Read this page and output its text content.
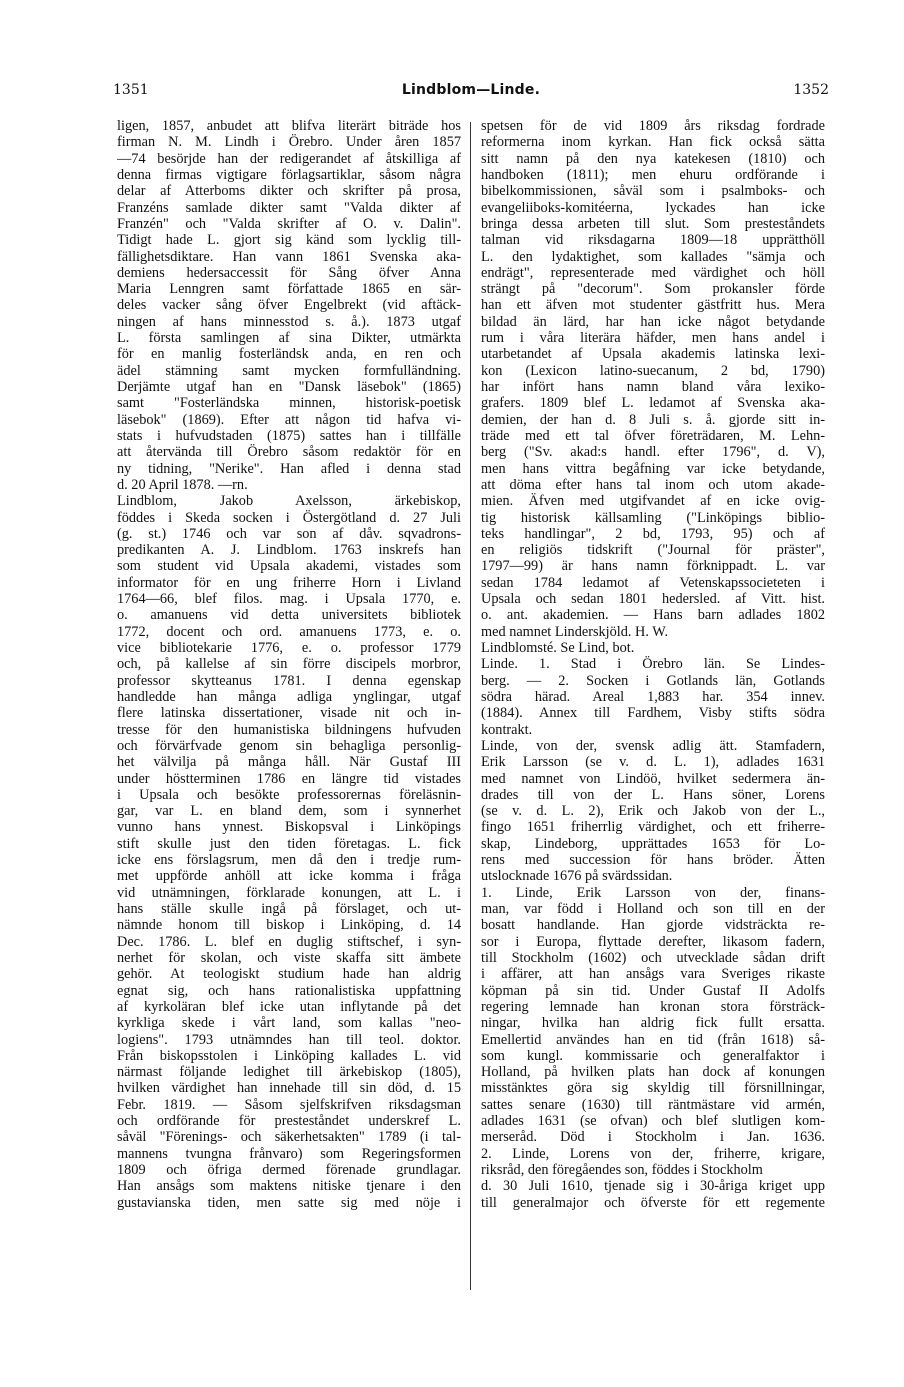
1351	Lindblom—Linde.	1352
ligen, 1857, anbudet att blifva literärt biträde hos
firman N. M. Lindh i Örebro. Under åren 1857
—74 besörjde han der redigerandet af åtskilliga af
denna firmas vigtigare förlagsartiklar, såsom några
delar af Atterboms dikter och skrifter på prosa,
Franzéns samlade dikter samt "Valda dikter af
Franzén" och "Valda skrifter af O. v. Dalin".
Tidigt hade L. gjort sig känd som lycklig till-
fällighetsdiktare. Han vann 1861 Svenska aka-
demiens hedersaccessit för Sång öfver Anna
Maria Lenngren samt författade 1865 en sär-
deles vacker sång öfver Engelbrekt (vid aftäck-
ningen af hans minnesstod s. å.). 1873 utgaf
L. första samlingen af sina Dikter, utmärkta
för en manlig fosterländsk anda, en ren och
ädel stämning samt mycken formfulländning.
Derjämte utgaf han en "Dansk läsebok" (1865)
samt "Fosterländska minnen, historisk-poetisk
läsebok" (1869). Efter att någon tid hafva vi-
stats i hufvudstaden (1875) sattes han i tillfälle
att återvända till Örebro såsom redaktör för en
ny tidning, "Nerike". Han afled i denna stad
d. 20 April 1878. —rn.
Lindblom, Jakob Axelsson, ärkebiskop,
föddes i Skeda socken i Östergötland d. 27 Juli
(g. st.) 1746 och var son af dåv. sqvadrons-
predikanten A. J. Lindblom. 1763 inskrefs han
som student vid Upsala akademi, vistades som
informator för en ung friherre Horn i Livland
1764—66, blef filos. mag. i Upsala 1770, e.
o. amanuens vid detta universitets bibliotek
1772, docent och ord. amanuens 1773, e. o.
vice bibliotekarie 1776, e. o. professor 1779
och, på kallelse af sin förre discipels morbror,
professor skytteanus 1781. I denna egenskap
handledde han många adliga ynglingar, utgaf
flere latinska dissertationer, visade nit och in-
tresse för den humanistiska bildningens hufvuden
och förvärfvade genom sin behagliga personlig-
het välvilja på många håll. När Gustaf III
under höstterminen 1786 en längre tid vistades
i Upsala och besökte professorernas föreläsnin-
gar, var L. en bland dem, som i synnerhet
vunno hans ynnest. Biskopsval i Linköpings
stift skulle just den tiden företagas. L. fick
icke ens förslagsrum, men då den i tredje rum-
met uppförde anhöll att icke komma i fråga
vid utnämningen, förklarade konungen, att L. i
hans ställe skulle ingå på förslaget, och ut-
nämnde honom till biskop i Linköping, d. 14
Dec. 1786. L. blef en duglig stiftschef, i syn-
nerhet för skolan, och viste skaffa sitt ämbete
gehör. At teologiskt studium hade han aldrig
egnat sig, och hans rationalistiska uppfattning
af kyrkoläran blef icke utan inflytande på det
kyrkliga skede i vårt land, som kallas "neo-
logiens". 1793 utnämndes han till teol. doktor.
Från biskopsstolen i Linköping kallades L. vid
närmast följande ledighet till ärkebiskop (1805),
hvilken värdighet han innehade till sin död, d. 15
Febr. 1819. — Såsom sjelfskrifven riksdagsman
och ordförande för presteståndet underskref L.
såväl "Förenings- och säkerhetsakten" 1789 (i tal-
mannens tvungna frånvaro) som Regeringsformen
1809 och öfriga dermed förenade grundlagar.
Han ansågs som maktens nitiske tjenare i den
gustavianska tiden, men satte sig med nöje i
spetsen för de vid 1809 års riksdag fordrade
reformerna inom kyrkan. Han fick också sätta
sitt namn på den nya katekesen (1810) och
handboken (1811); men ehuru ordförande i
bibelkommissionen, såväl som i psalmboks- och
evangeliiboks-komitéerna, lyckades han icke
bringa dessa arbeten till slut. Som presteståndets
talman vid riksdagarna 1809—18 upprätthöll
L. den lydaktighet, som kallades "sämja och
endrägt", representerade med värdighet och höll
strängt på "decorum". Som prokansler förde
han ett äfven mot studenter gästfritt hus. Mera
bildad än lärd, har han icke något betydande
rum i våra literära häfder, men hans andel i
utarbetandet af Upsala akademis latinska lexi-
kon (Lexicon latino-suecanum, 2 bd, 1790)
har infört hans namn bland våra lexiko-
grafers. 1809 blef L. ledamot af Svenska aka-
demien, der han d. 8 Juli s. å. gjorde sitt in-
träde med ett tal öfver företrädaren, M. Lehn-
berg ("Sv. akad:s handl. efter 1796", d. V),
men hans vittra begåfning var icke betydande,
att döma efter hans tal inom och utom akade-
mien. Äfven med utgifvandet af en icke ovig-
tig historisk källsamling ("Linköpings biblio-
teks handlingar", 2 bd, 1793, 95) och af
en religiös tidskrift ("Journal för präster",
1797—99) är hans namn förknippadt. L. var
sedan 1784 ledamot af Vetenskapssocieteten i
Upsala och sedan 1801 hedersled. af Vitt. hist.
o. ant. akademien. — Hans barn adlades 1802
med namnet Linderskjöld. H. W.
Lindblomsté. Se Lind, bot.
Linde. 1. Stad i Örebro län. Se Lindes-
berg. — 2. Socken i Gotlands län, Gotlands
södra härad. Areal 1,883 har. 354 innev.
(1884). Annex till Fardhem, Visby stifts södra
kontrakt.
Linde, von der, svensk adlig ätt. Stamfadern,
Erik Larsson (se v. d. L. 1), adlades 1631
med namnet von Lindöö, hvilket sedermera än-
drades till von der L. Hans söner, Lorens
(se v. d. L. 2), Erik och Jakob von der L.,
fingo 1651 friherrlig värdighet, och ett friherre-
skap, Lindeborg, upprättades 1653 för Lo-
rens med succession för hans bröder. Ätten
utslocknade 1676 på svärdssidan.
1. Linde, Erik Larsson von der, finans-
man, var född i Holland och son till en der
bosatt handlande. Han gjorde vidsträckta re-
sor i Europa, flyttade derefter, likasom fadern,
till Stockholm (1602) och utvecklade sådan drift
i affärer, att han ansågs vara Sveriges rikaste
köpman på sin tid. Under Gustaf II Adolfs
regering lemnade han kronan stora försträck-
ningar, hvilka han aldrig fick fullt ersatta.
Emellertid användes han en tid (från 1618) så-
som kungl. kommissarie och generalfaktor i
Holland, på hvilken plats han dock af konungen
misstänktes göra sig skyldig till försnillningar,
sattes senare (1630) till räntmästare vid armén,
adlades 1631 (se ofvan) och blef slutligen kom-
merseråd. Död i Stockholm i Jan. 1636.
2. Linde, Lorens von der, friherre, krigare,
riksråd, den föregåendes son, föddes i Stockholm
d. 30 Juli 1610, tjenade sig i 30-åriga kriget upp
till generalmajor och öfverste för ett regemente
